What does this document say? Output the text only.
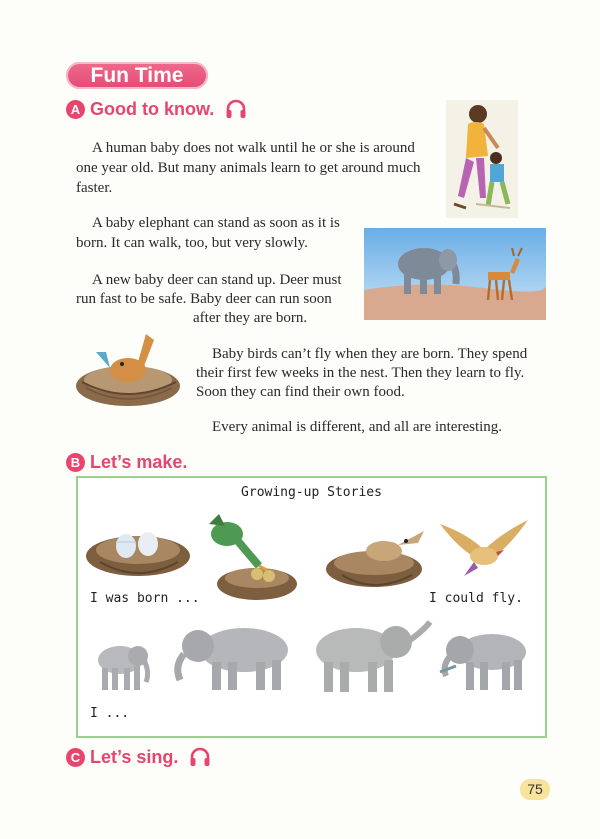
Fun Time
A Good to know.
A human baby does not walk until he or she is around
one year old. But many animals learn to get around much
faster.
A baby elephant can stand as soon as it is
born. It can walk, too, but very slowly.
A new baby deer can stand up. Deer must
run fast to be safe. Baby deer can run soon
after they are born.
Baby birds can’t fly when they are born. They spend
their first few weeks in the nest. Then they learn to fly.
Soon they can find their own food.
Every animal is different, and all are interesting.
B Let’s make.
Growing-up Stories
I was born ...	I could fly.
I ...
C Let’s sing.
75
